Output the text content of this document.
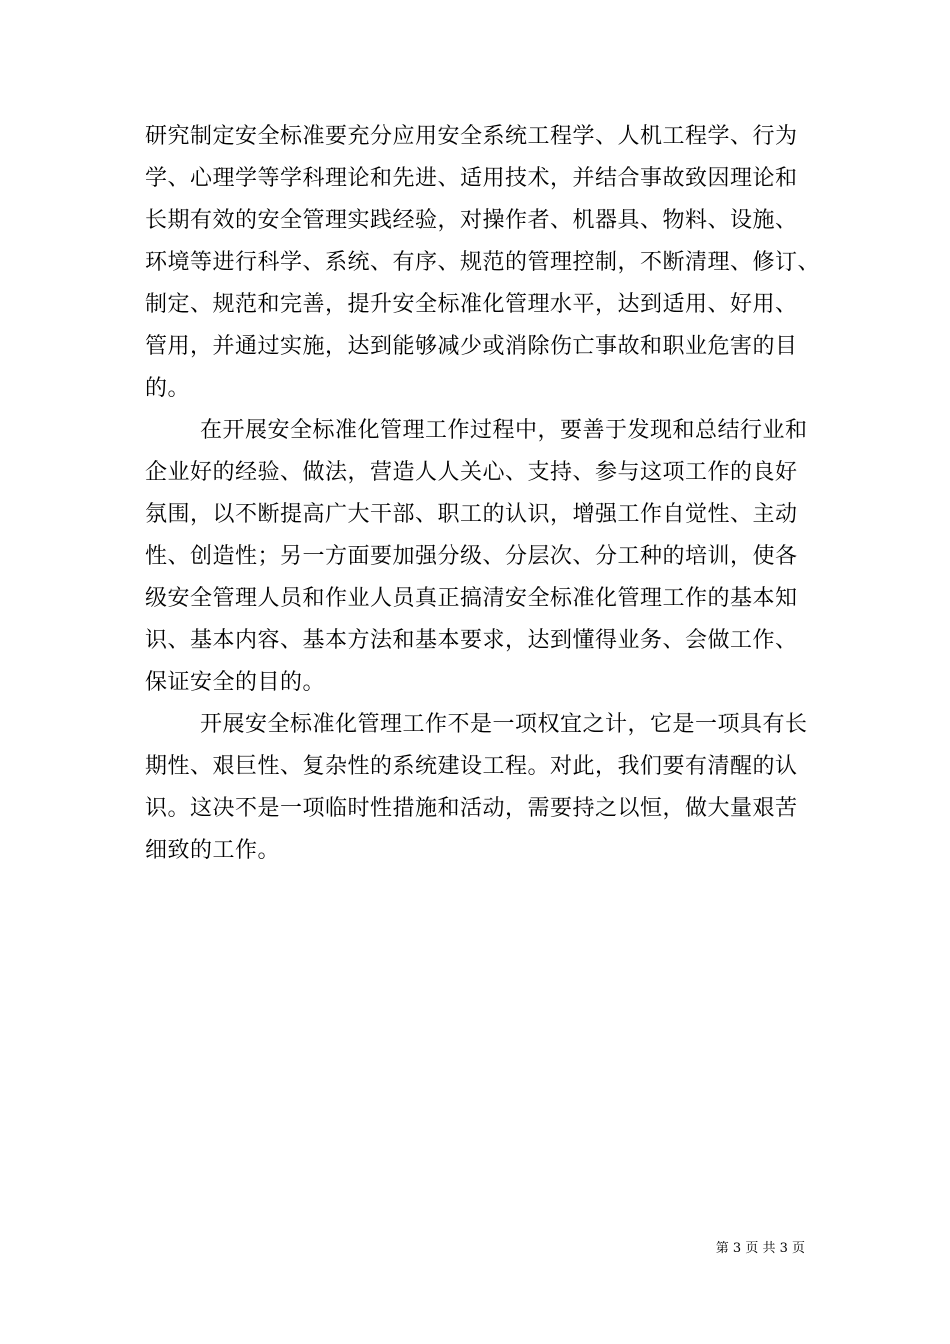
研究制定安全标准要充分应用安全系统工程学、人机工程学、行为
学、心理学等学科理论和先进、适用技术，并结合事故致因理论和
长期有效的安全管理实践经验，对操作者、机器具、物料、设施、
环境等进行科学、系统、有序、规范的管理控制，不断清理、修订、
制定、规范和完善，提升安全标准化管理水平，达到适用、好用、
管用，并通过实施，达到能够减少或消除伤亡事故和职业危害的目
的。

在开展安全标准化管理工作过程中，要善于发现和总结行业和
企业好的经验、做法，营造人人关心、支持、参与这项工作的良好
氛围，以不断提高广大干部、职工的认识，增强工作自觉性、主动
性、创造性；另一方面要加强分级、分层次、分工种的培训，使各
级安全管理人员和作业人员真正搞清安全标准化管理工作的基本知
识、基本内容、基本方法和基本要求，达到懂得业务、会做工作、
保证安全的目的。

开展安全标准化管理工作不是一项权宜之计，它是一项具有长
期性、艰巨性、复杂性的系统建设工程。对此，我们要有清醒的认
识。这决不是一项临时性措施和活动，需要持之以恒，做大量艰苦
细致的工作。

第 3 页 共 3 页
